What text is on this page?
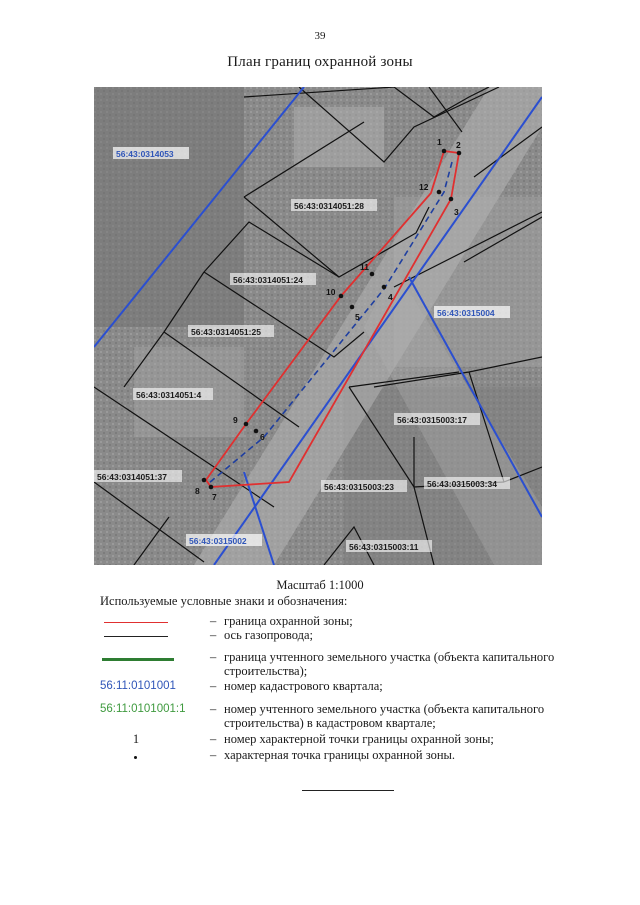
39
План границ охранной зоны
1 2
3
4
5
6
7
8
9
10
11
12
56:43:0314051:28
56:43:0314051:24
56:43:0314051:25
56:43:0314051:4
56:43:0314051:37
56:43:0315003:17
56:43:0315003:23	56:43:0315003:34
56:43:0315003:11
56:43:0314053
56:43:0315004
56:43:0315002
Масштаб 1:1000
Используемые условные знаки и обозначения:
– граница охранной зоны;
– ось газопровода;
– граница учтенного земельного участка (объекта капитального строительства);
56:11:0101001	– номер кадастрового квартала;
56:11:0101001:1 – номер учтенного земельного участка (объекта капитального строительства) в кадастровом квартале;
1	– номер характерной точки границы охранной зоны;
– характерная точка границы охранной зоны.
